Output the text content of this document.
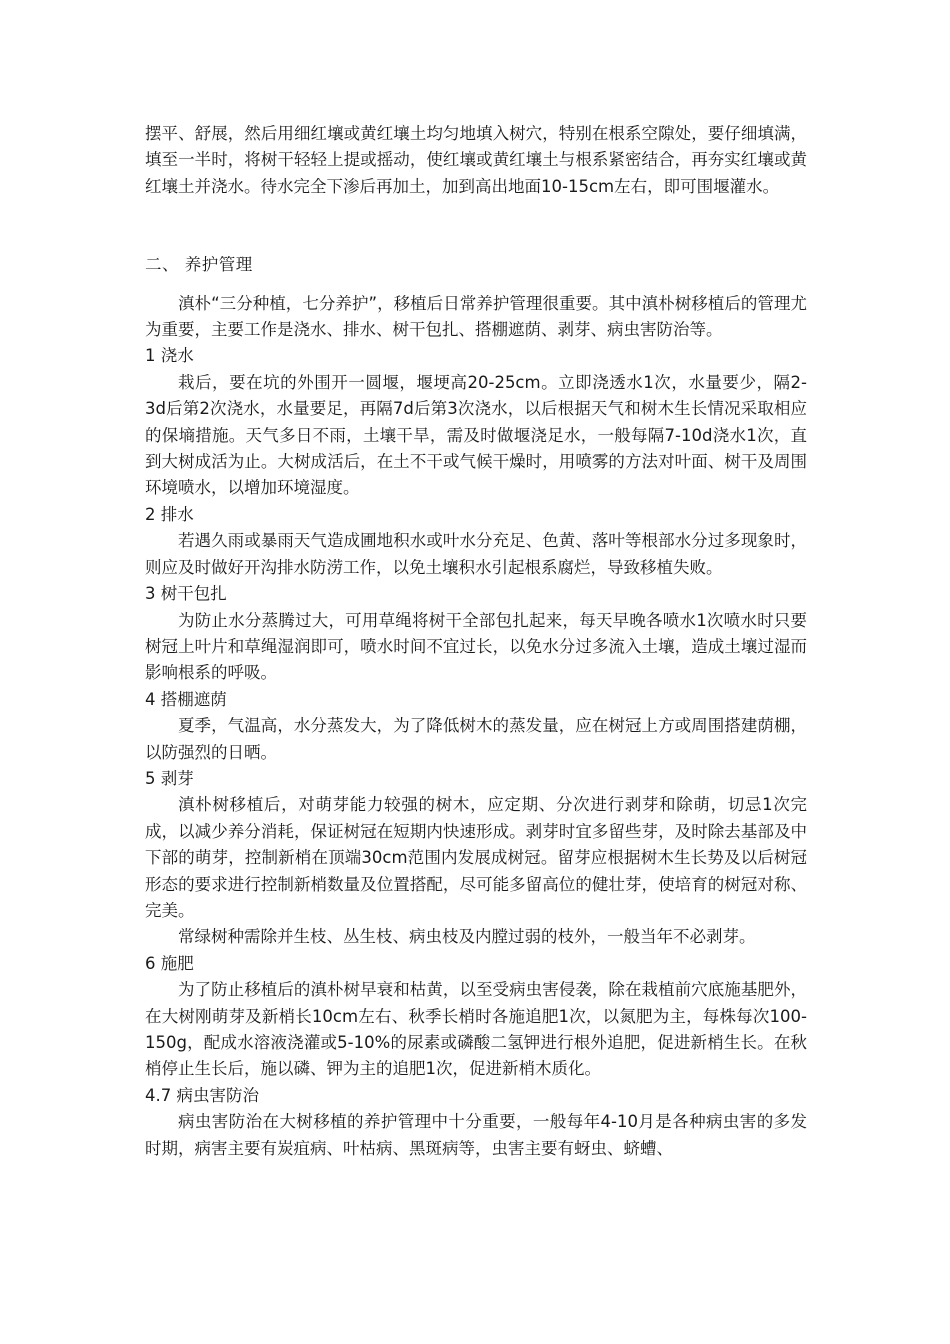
摆平、舒展，然后用细红壤或黄红壤土均匀地填入树穴，特别在根系空隙处，要仔细填满，填至一半时，将树干轻轻上提或摇动，使红壤或黄红壤土与根系紧密结合，再夯实红壤或黄红壤土并浇水。待水完全下渗后再加土，加到高出地面10-15cm左右，即可围堰灌水。

二、 养护管理

滇朴“三分种植，七分养护”，移植后日常养护管理很重要。其中滇朴树移植后的管理尤为重要，主要工作是浇水、排水、树干包扎、搭棚遮荫、剥芽、病虫害防治等。

1 浇水

栽后，要在坑的外围开一圆堰，堰埂高20-25cm。立即浇透水1次，水量要少，隔2-3d后第2次浇水，水量要足，再隔7d后第3次浇水，以后根据天气和树木生长情况采取相应的保墒措施。天气多日不雨，土壤干旱，需及时做堰浇足水，一般每隔7-10d浇水1次，直到大树成活为止。大树成活后，在土不干或气候干燥时，用喷雾的方法对叶面、树干及周围环境喷水，以增加环境湿度。

2 排水

若遇久雨或暴雨天气造成圃地积水或叶水分充足、色黄、落叶等根部水分过多现象时，则应及时做好开沟排水防涝工作，以免土壤积水引起根系腐烂，导致移植失败。

3 树干包扎

为防止水分蒸腾过大，可用草绳将树干全部包扎起来，每天早晚各喷水1次喷水时只要树冠上叶片和草绳湿润即可，喷水时间不宜过长，以免水分过多流入土壤，造成土壤过湿而影响根系的呼吸。

4 搭棚遮荫

夏季，气温高，水分蒸发大，为了降低树木的蒸发量，应在树冠上方或周围搭建荫棚，以防强烈的日晒。

5 剥芽

滇朴树移植后，对萌芽能力较强的树木，应定期、分次进行剥芽和除萌，切忌1次完成，以减少养分消耗，保证树冠在短期内快速形成。剥芽时宜多留些芽，及时除去基部及中下部的萌芽，控制新梢在顶端30cm范围内发展成树冠。留芽应根据树木生长势及以后树冠形态的要求进行控制新梢数量及位置搭配，尽可能多留高位的健壮芽，使培育的树冠对称、完美。

常绿树种需除并生枝、丛生枝、病虫枝及内膛过弱的枝外，一般当年不必剥芽。

6 施肥

为了防止移植后的滇朴树早衰和枯黄，以至受病虫害侵袭，除在栽植前穴底施基肥外，在大树刚萌芽及新梢长10cm左右、秋季长梢时各施追肥1次，以氮肥为主，每株每次100-150g，配成水溶液浇灌或5-10%的尿素或磷酸二氢钾进行根外追肥，促进新梢生长。在秋梢停止生长后，施以磷、钾为主的追肥1次，促进新梢木质化。

4.7 病虫害防治

病虫害防治在大树移植的养护管理中十分重要，一般每年4-10月是各种病虫害的多发时期，病害主要有炭疽病、叶枯病、黑斑病等，虫害主要有蚜虫、蛴螬、
